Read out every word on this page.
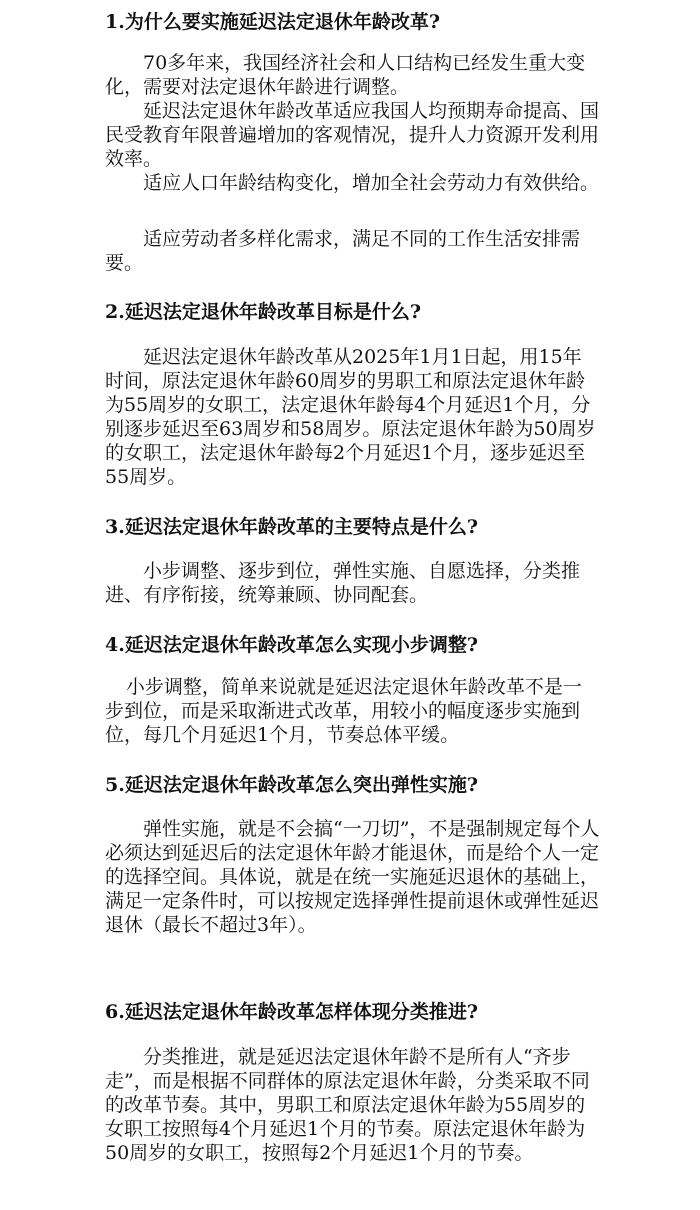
1.为什么要实施延迟法定退休年龄改革?
70多年来，我国经济社会和人口结构已经发生重大变化，需要对法定退休年龄进行调整。
延迟法定退休年龄改革适应我国人均预期寿命提高、国民受教育年限普遍增加的客观情况，提升人力资源开发利用效率。
适应人口年龄结构变化，增加全社会劳动力有效供给。
适应劳动者多样化需求，满足不同的工作生活安排需要。
2.延迟法定退休年龄改革目标是什么?
延迟法定退休年龄改革从2025年1月1日起，用15年时间，原法定退休年龄60周岁的男职工和原法定退休年龄为55周岁的女职工，法定退休年龄每4个月延迟1个月，分别逐步延迟至63周岁和58周岁。原法定退休年龄为50周岁的女职工，法定退休年龄每2个月延迟1个月，逐步延迟至55周岁。
3.延迟法定退休年龄改革的主要特点是什么?
小步调整、逐步到位，弹性实施、自愿选择，分类推进、有序衔接，统筹兼顾、协同配套。
4.延迟法定退休年龄改革怎么实现小步调整?
小步调整，简单来说就是延迟法定退休年龄改革不是一步到位，而是采取渐进式改革，用较小的幅度逐步实施到位，每几个月延迟1个月，节奏总体平缓。
5.延迟法定退休年龄改革怎么突出弹性实施?
弹性实施，就是不会搞“一刀切”，不是强制规定每个人必须达到延迟后的法定退休年龄才能退休，而是给个人一定的选择空间。具体说，就是在统一实施延迟退休的基础上，满足一定条件时，可以按规定选择弹性提前退休或弹性延迟退休（最长不超过3年）。
6.延迟法定退休年龄改革怎样体现分类推进?
分类推进，就是延迟法定退休年龄不是所有人“齐步走”，而是根据不同群体的原法定退休年龄，分类采取不同的改革节奏。其中，男职工和原法定退休年龄为55周岁的女职工按照每4个月延迟1个月的节奏。原法定退休年龄为50周岁的女职工，按照每2个月延迟1个月的节奏。
